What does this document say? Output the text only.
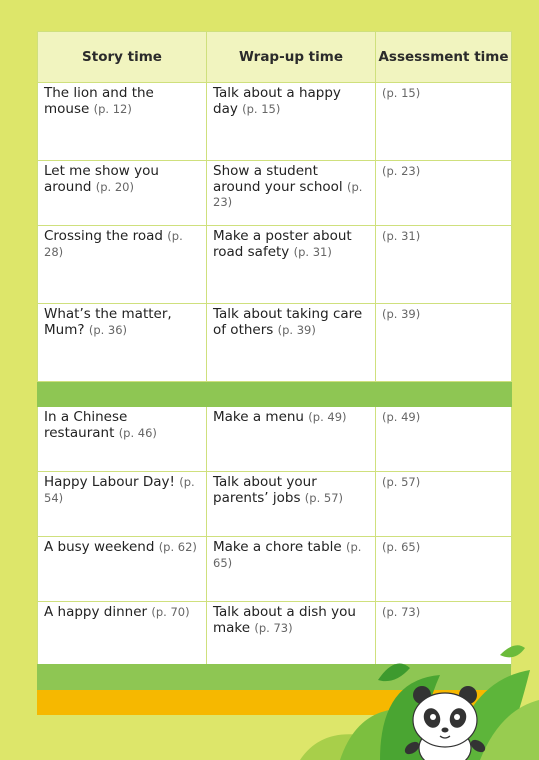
Story time	Wrap-up time	Assessment time
The lion and the mouse (p. 12)	Talk about a happy day (p. 15)	(p. 15)
Let me show you around (p. 20)	Show a student around your school (p. 23)	(p. 23)
Crossing the road (p. 28)	Make a poster about road safety (p. 31)	(p. 31)
What’s the matter, Mum? (p. 36)	Talk about taking care of others (p. 39)	(p. 39)

In a Chinese restaurant (p. 46)	Make a menu (p. 49)	(p. 49)
Happy Labour Day! (p. 54)	Talk about your parents’ jobs (p. 57)	(p. 57)
A busy weekend (p. 62)	Make a chore table (p. 65)	(p. 65)
A happy dinner (p. 70)	Talk about a dish you make (p. 73)	(p. 73)
